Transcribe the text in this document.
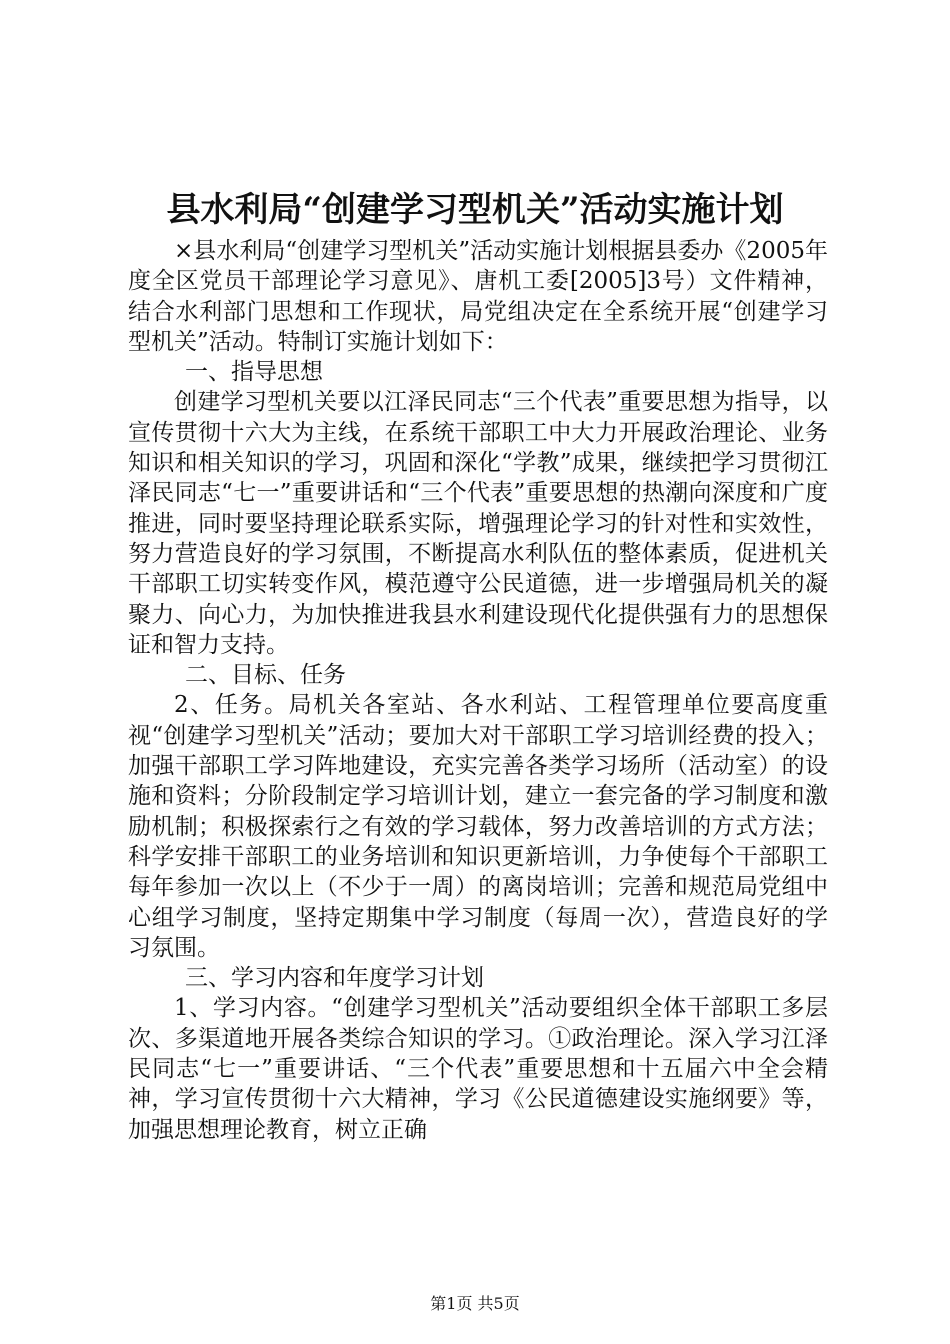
县水利局“创建学习型机关”活动实施计划

×县水利局“创建学习型机关”活动实施计划根据县委办《2005年度全区党员干部理论学习意见》、唐机工委[2005]3号）文件精神，结合水利部门思想和工作现状，局党组决定在全系统开展“创建学习型机关”活动。特制订实施计划如下：

一、指导思想

创建学习型机关要以江泽民同志“三个代表”重要思想为指导，以宣传贯彻十六大为主线，在系统干部职工中大力开展政治理论、业务知识和相关知识的学习，巩固和深化“学教”成果，继续把学习贯彻江泽民同志“七一”重要讲话和“三个代表”重要思想的热潮向深度和广度推进，同时要坚持理论联系实际，增强理论学习的针对性和实效性，努力营造良好的学习氛围，不断提高水利队伍的整体素质，促进机关干部职工切实转变作风，模范遵守公民道德，进一步增强局机关的凝聚力、向心力，为加快推进我县水利建设现代化提供强有力的思想保证和智力支持。

二、目标、任务

2、任务。局机关各室站、各水利站、工程管理单位要高度重视“创建学习型机关”活动；要加大对干部职工学习培训经费的投入；加强干部职工学习阵地建设，充实完善各类学习场所（活动室）的设施和资料；分阶段制定学习培训计划，建立一套完备的学习制度和激励机制；积极探索行之有效的学习载体，努力改善培训的方式方法；科学安排干部职工的业务培训和知识更新培训，力争使每个干部职工每年参加一次以上（不少于一周）的离岗培训；完善和规范局党组中心组学习制度，坚持定期集中学习制度（每周一次），营造良好的学习氛围。

三、学习内容和年度学习计划

1、学习内容。“创建学习型机关”活动要组织全体干部职工多层次、多渠道地开展各类综合知识的学习。①政治理论。深入学习江泽民同志“七一”重要讲话、“三个代表”重要思想和十五届六中全会精神，学习宣传贯彻十六大精神，学习《公民道德建设实施纲要》等，加强思想理论教育，树立正确

第1页 共5页
